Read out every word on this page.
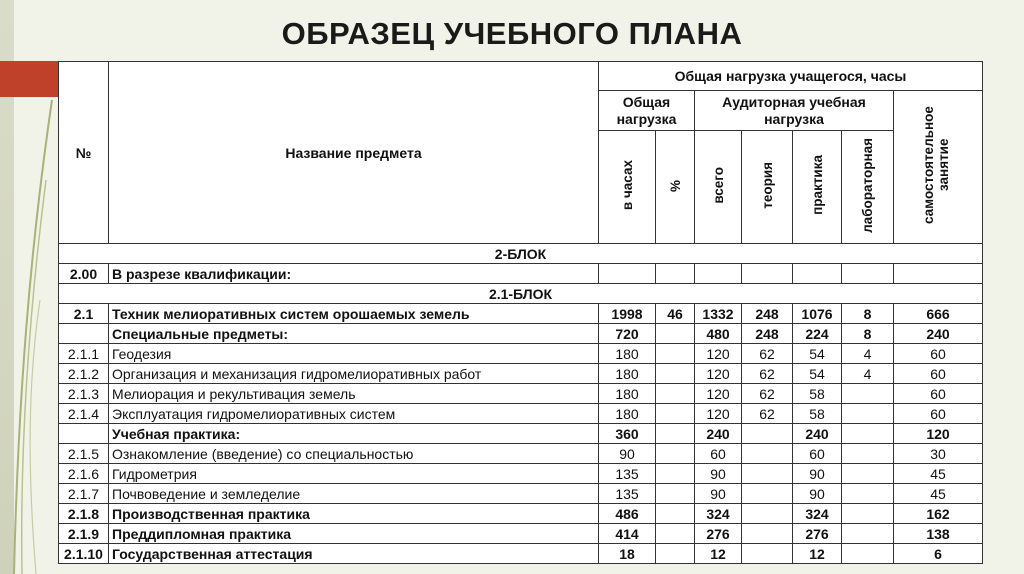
ОБРАЗЕЦ УЧЕБНОГО ПЛАНА
№	Название предмета	Общая нагрузка учащегося, часы						
		Общая нагрузка		Аудиторная учебная нагрузка				самостоятельное занятие
		в часах	%	всего	теория	практика	лабораторная	
2-БЛОК								
2.00	В разрезе квалификации:							
2.1-БЛОК								
2.1	Техник мелиоративных систем орошаемых земель	1998	46	1332	248	1076	8	666
	Специальные предметы:	720		480	248	224	8	240
2.1.1	Геодезия	180		120	62	54	4	60
2.1.2	Организация и механизация гидромелиоративных работ	180		120	62	54	4	60
2.1.3	Мелиорация и рекультивация земель	180		120	62	58		60
2.1.4	Эксплуатация гидромелиоративных систем	180		120	62	58		60
	Учебная практика:	360		240		240		120
2.1.5	Ознакомление (введение) со специальностью	90		60		60		30
2.1.6	Гидрометрия	135		90		90		45
2.1.7	Почвоведение и земледелие	135		90		90		45
2.1.8	Производственная практика	486		324		324		162
2.1.9	Преддипломная практика	414		276		276		138
2.1.10	Государственная аттестация	18		12		12		6
